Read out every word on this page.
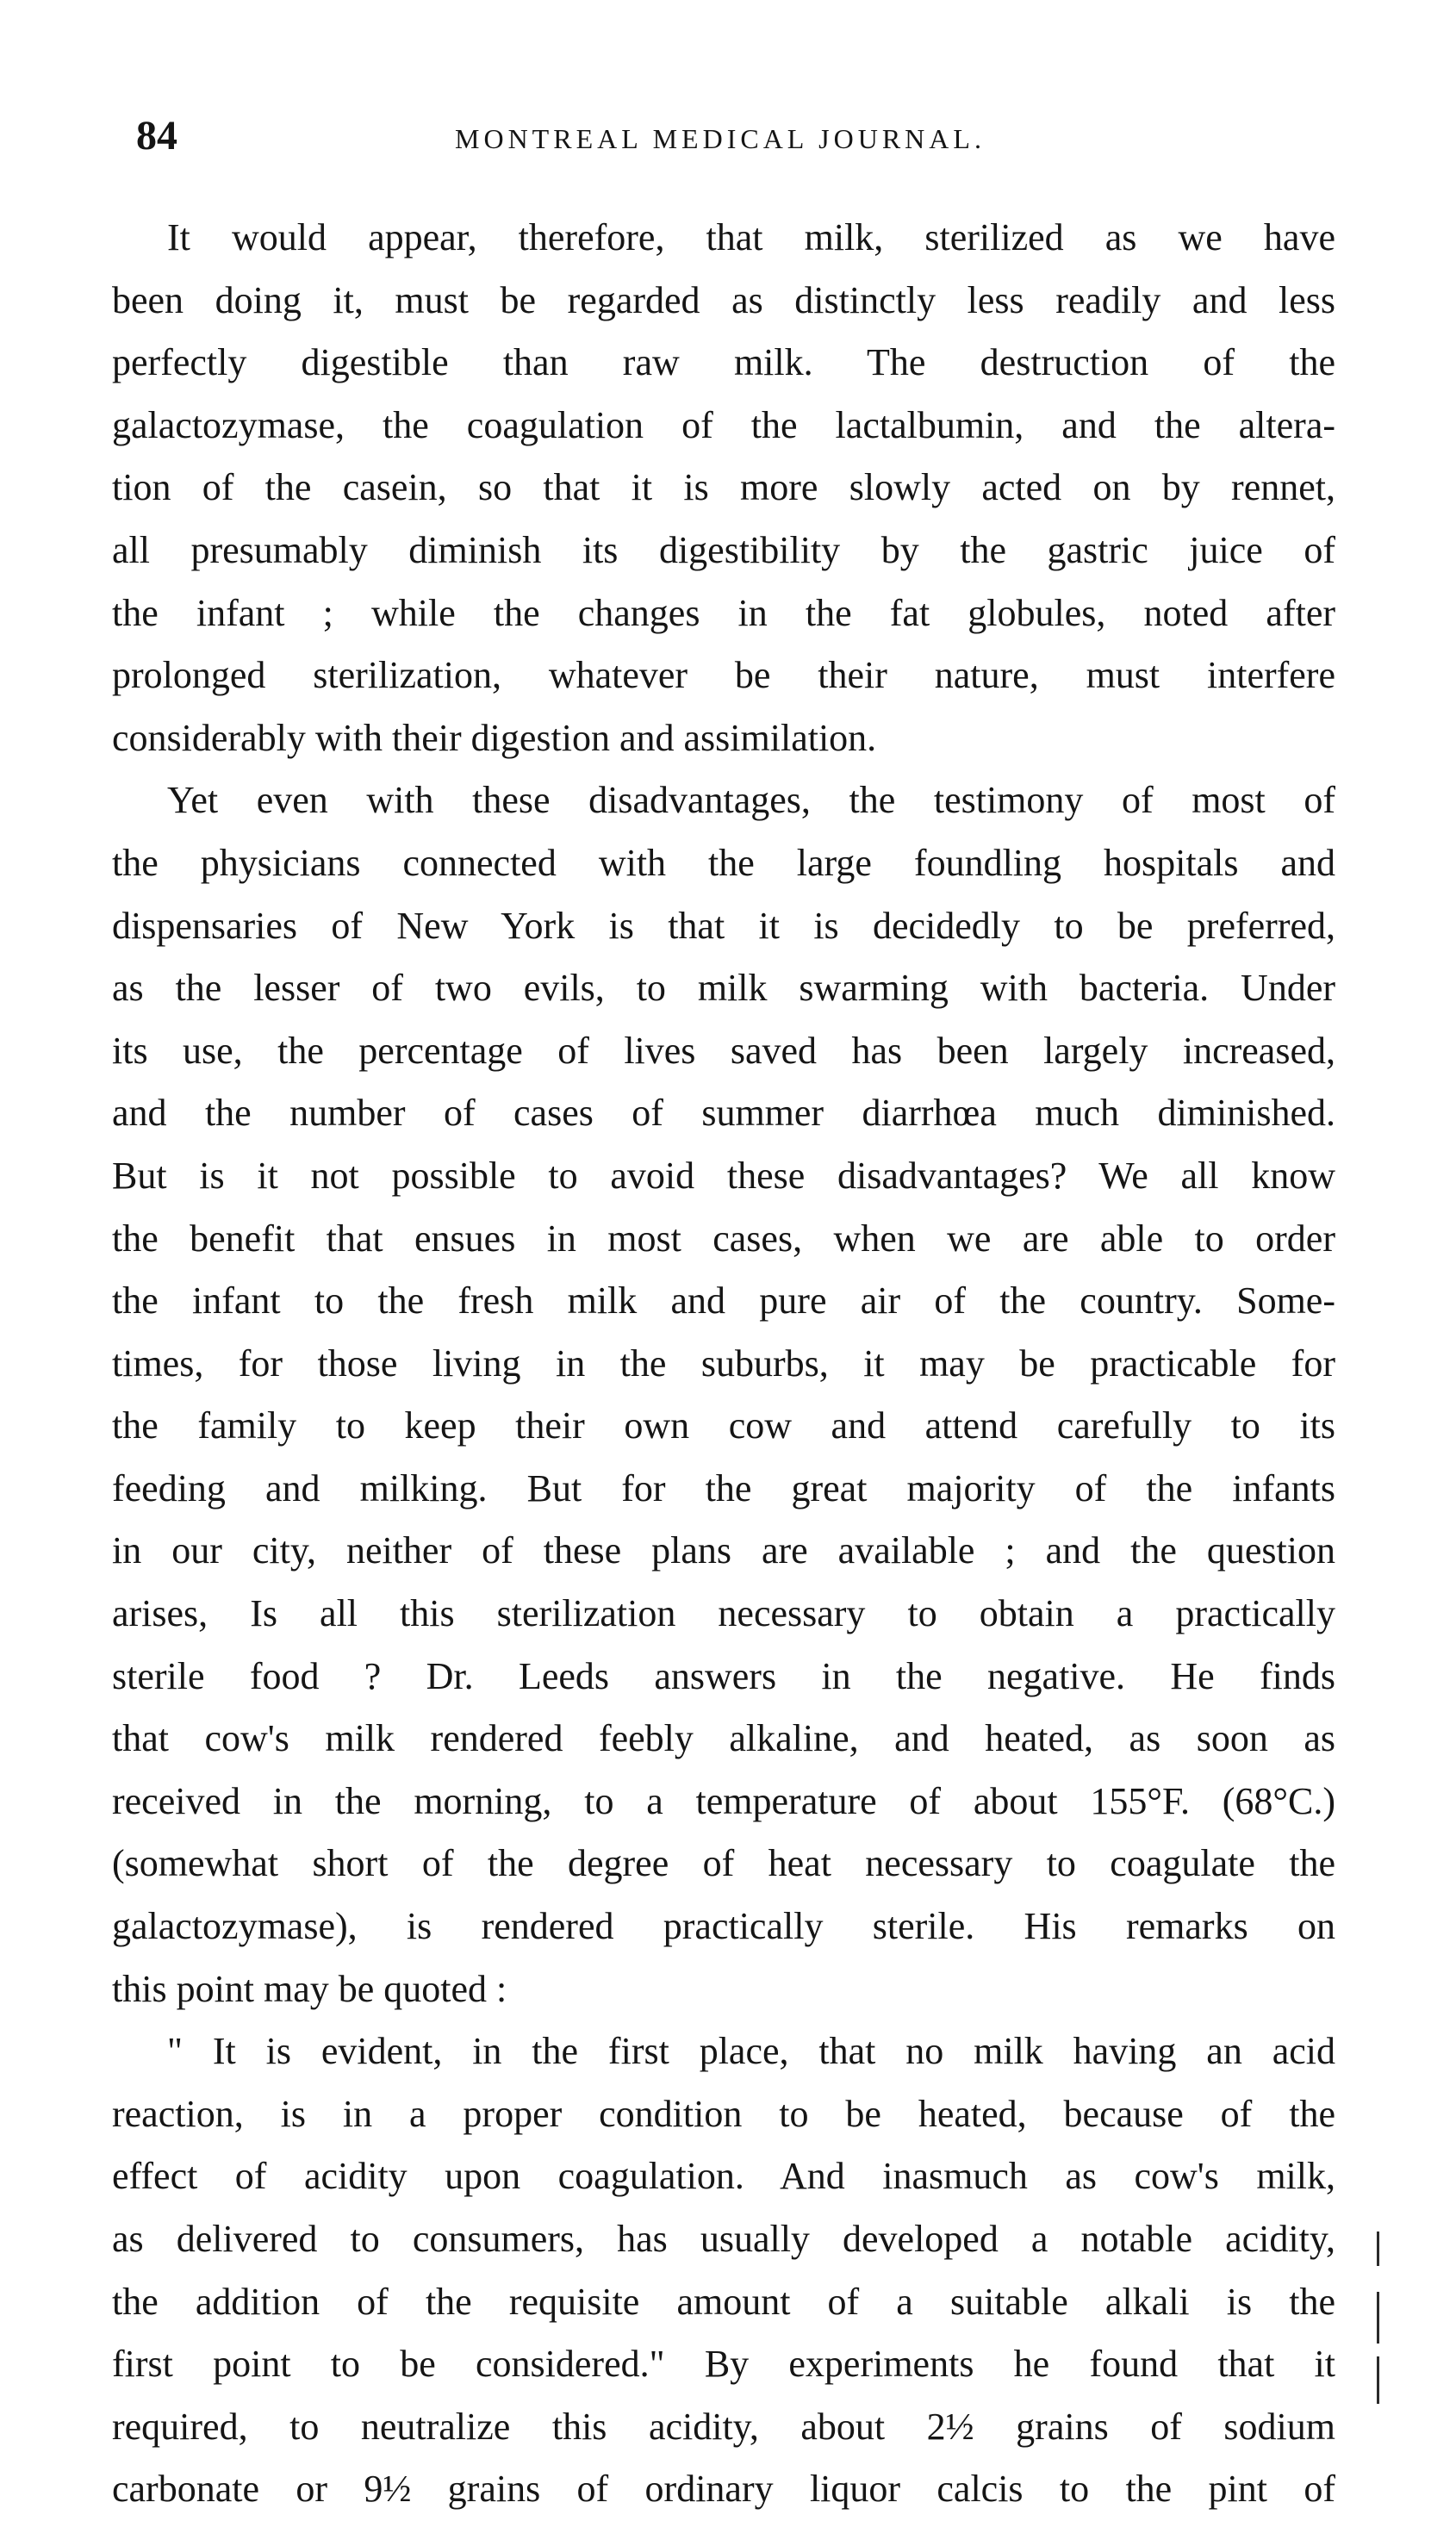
84	MONTREAL MEDICAL JOURNAL.
It would appear, therefore, that milk, sterilized as we have
been doing it, must be regarded as distinctly less readily and less
perfectly digestible than raw milk. The destruction of the
galactozymase, the coagulation of the lactalbumin, and the altera-
tion of the casein, so that it is more slowly acted on by rennet,
all presumably diminish its digestibility by the gastric juice of
the infant ; while the changes in the fat globules, noted after
prolonged sterilization, whatever be their nature, must interfere
considerably with their digestion and assimilation.
Yet even with these disadvantages, the testimony of most of
the physicians connected with the large foundling hospitals and
dispensaries of New York is that it is decidedly to be preferred,
as the lesser of two evils, to milk swarming with bacteria. Under
its use, the percentage of lives saved has been largely increased,
and the number of cases of summer diarrhœa much diminished.
But is it not possible to avoid these disadvantages? We all know
the benefit that ensues in most cases, when we are able to order
the infant to the fresh milk and pure air of the country. Some-
times, for those living in the suburbs, it may be practicable for
the family to keep their own cow and attend carefully to its
feeding and milking. But for the great majority of the infants
in our city, neither of these plans are available ; and the question
arises, Is all this sterilization necessary to obtain a practically
sterile food ? Dr. Leeds answers in the negative. He finds
that cow's milk rendered feebly alkaline, and heated, as soon as
received in the morning, to a temperature of about 155°F. (68°C.)
(somewhat short of the degree of heat necessary to coagulate the
galactozymase), is rendered practically sterile. His remarks on
this point may be quoted :
" It is evident, in the first place, that no milk having an acid
reaction, is in a proper condition to be heated, because of the
effect of acidity upon coagulation. And inasmuch as cow's milk,
as delivered to consumers, has usually developed a notable acidity,
the addition of the requisite amount of a suitable alkali is the
first point to be considered." By experiments he found that it
required, to neutralize this acidity, about 2½ grains of sodium
carbonate or 9½ grains of ordinary liquor calcis to the pint of
